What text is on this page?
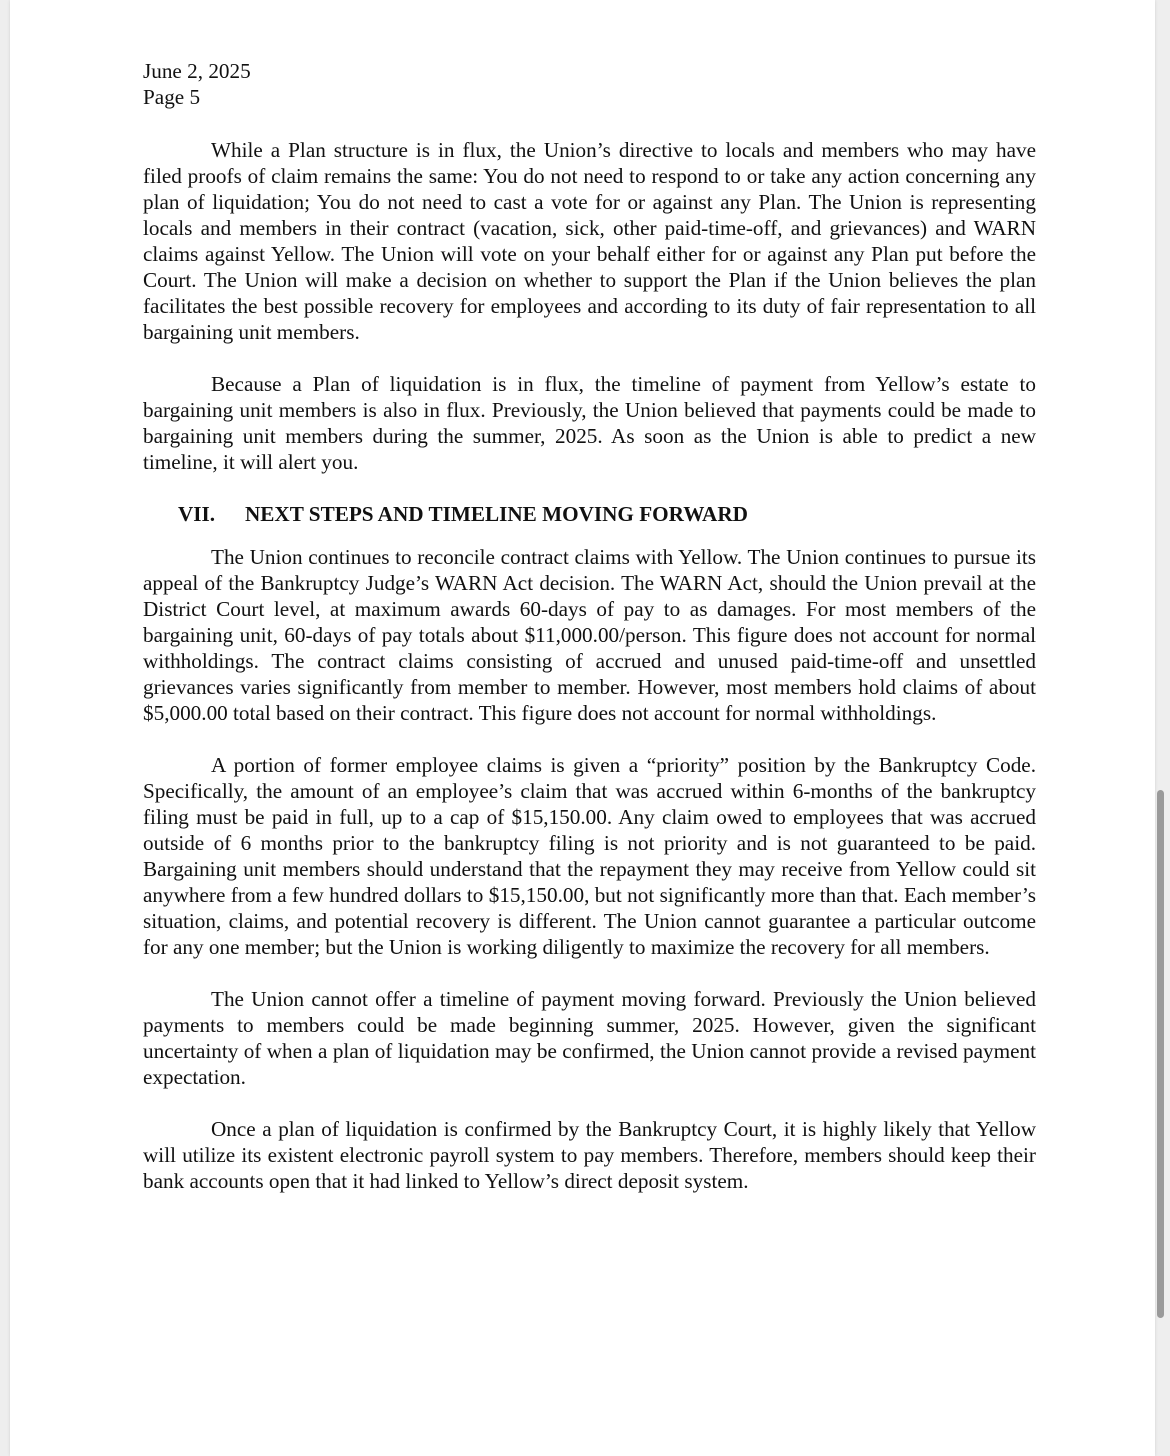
June 2, 2025

Page 5

While a Plan structure is in flux, the Union’s directive to locals and members who may have filed proofs of claim remains the same: You do not need to respond to or take any action concerning any plan of liquidation; You do not need to cast a vote for or against any Plan. The Union is representing locals and members in their contract (vacation, sick, other paid-time-off, and grievances) and WARN claims against Yellow. The Union will vote on your behalf either for or against any Plan put before the Court. The Union will make a decision on whether to support the Plan if the Union believes the plan facilitates the best possible recovery for employees and according to its duty of fair representation to all bargaining unit members.

Because a Plan of liquidation is in flux, the timeline of payment from Yellow’s estate to bargaining unit members is also in flux. Previously, the Union believed that payments could be made to bargaining unit members during the summer, 2025. As soon as the Union is able to predict a new timeline, it will alert you.

VII.	NEXT STEPS AND TIMELINE MOVING FORWARD

The Union continues to reconcile contract claims with Yellow. The Union continues to pursue its appeal of the Bankruptcy Judge’s WARN Act decision. The WARN Act, should the Union prevail at the District Court level, at maximum awards 60-days of pay to as damages. For most members of the bargaining unit, 60-days of pay totals about $11,000.00/person. This figure does not account for normal withholdings. The contract claims consisting of accrued and unused paid-time-off and unsettled grievances varies significantly from member to member. However, most members hold claims of about $5,000.00 total based on their contract. This figure does not account for normal withholdings.

A portion of former employee claims is given a “priority” position by the Bankruptcy Code. Specifically, the amount of an employee’s claim that was accrued within 6-months of the bankruptcy filing must be paid in full, up to a cap of $15,150.00. Any claim owed to employees that was accrued outside of 6 months prior to the bankruptcy filing is not priority and is not guaranteed to be paid. Bargaining unit members should understand that the repayment they may receive from Yellow could sit anywhere from a few hundred dollars to $15,150.00, but not significantly more than that. Each member’s situation, claims, and potential recovery is different. The Union cannot guarantee a particular outcome for any one member; but the Union is working diligently to maximize the recovery for all members.

The Union cannot offer a timeline of payment moving forward. Previously the Union believed payments to members could be made beginning summer, 2025. However, given the significant uncertainty of when a plan of liquidation may be confirmed, the Union cannot provide a revised payment expectation.

Once a plan of liquidation is confirmed by the Bankruptcy Court, it is highly likely that Yellow will utilize its existent electronic payroll system to pay members. Therefore, members should keep their bank accounts open that it had linked to Yellow’s direct deposit system.
